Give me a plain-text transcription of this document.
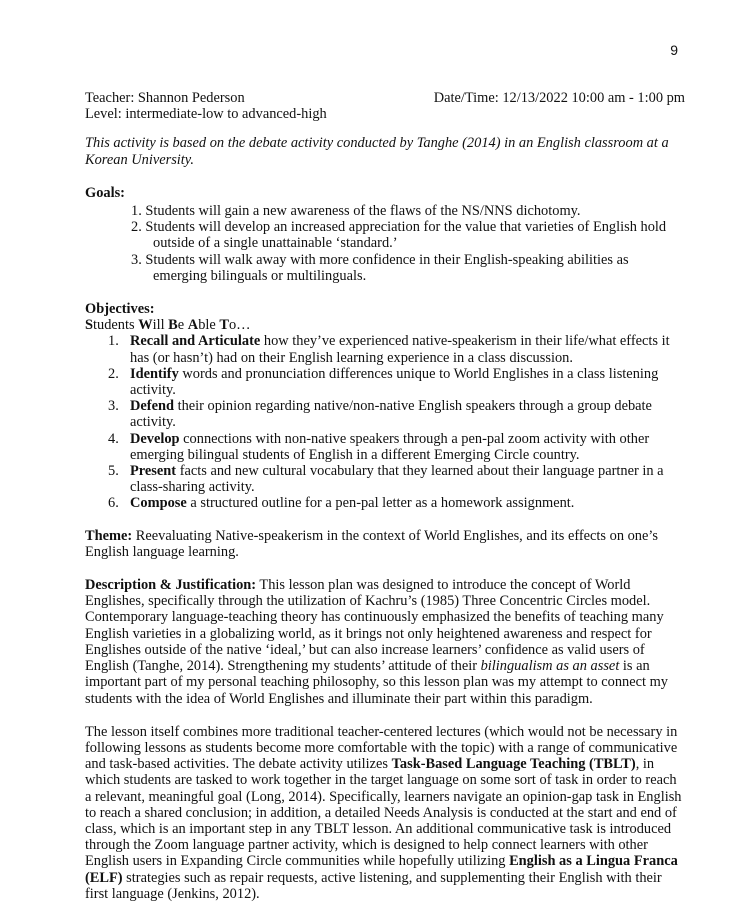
9
Teacher: Shannon Pederson
Level: intermediate-low to advanced-high
Date/Time: 12/13/2022 10:00 am - 1:00 pm
This activity is based on the debate activity conducted by Tanghe (2014) in an English classroom at a Korean University.
Goals:
1. Students will gain a new awareness of the flaws of the NS/NNS dichotomy.
2. Students will develop an increased appreciation for the value that varieties of English hold outside of a single unattainable ‘standard.’
3. Students will walk away with more confidence in their English-speaking abilities as emerging bilinguals or multilinguals.
Objectives:
Students Will Be Able To…
1. Recall and Articulate how they’ve experienced native-speakerism in their life/what effects it has (or hasn’t) had on their English learning experience in a class discussion.
2. Identify words and pronunciation differences unique to World Englishes in a class listening activity.
3. Defend their opinion regarding native/non-native English speakers through a group debate activity.
4. Develop connections with non-native speakers through a pen-pal zoom activity with other emerging bilingual students of English in a different Emerging Circle country.
5. Present facts and new cultural vocabulary that they learned about their language partner in a class-sharing activity.
6. Compose a structured outline for a pen-pal letter as a homework assignment.
Theme: Reevaluating Native-speakerism in the context of World Englishes, and its effects on one’s English language learning.
Description & Justification: This lesson plan was designed to introduce the concept of World Englishes, specifically through the utilization of Kachru’s (1985) Three Concentric Circles model. Contemporary language-teaching theory has continuously emphasized the benefits of teaching many English varieties in a globalizing world, as it brings not only heightened awareness and respect for Englishes outside of the native ‘ideal,’ but can also increase learners’ confidence as valid users of English (Tanghe, 2014). Strengthening my students’ attitude of their bilingualism as an asset is an important part of my personal teaching philosophy, so this lesson plan was my attempt to connect my students with the idea of World Englishes and illuminate their part within this paradigm.
The lesson itself combines more traditional teacher-centered lectures (which would not be necessary in following lessons as students become more comfortable with the topic) with a range of communicative and task-based activities. The debate activity utilizes Task-Based Language Teaching (TBLT), in which students are tasked to work together in the target language on some sort of task in order to reach a relevant, meaningful goal (Long, 2014). Specifically, learners navigate an opinion-gap task in English to reach a shared conclusion; in addition, a detailed Needs Analysis is conducted at the start and end of class, which is an important step in any TBLT lesson. An additional communicative task is introduced through the Zoom language partner activity, which is designed to help connect learners with other English users in Expanding Circle communities while hopefully utilizing English as a Lingua Franca (ELF) strategies such as repair requests, active listening, and supplementing their English with their first language (Jenkins, 2012).
